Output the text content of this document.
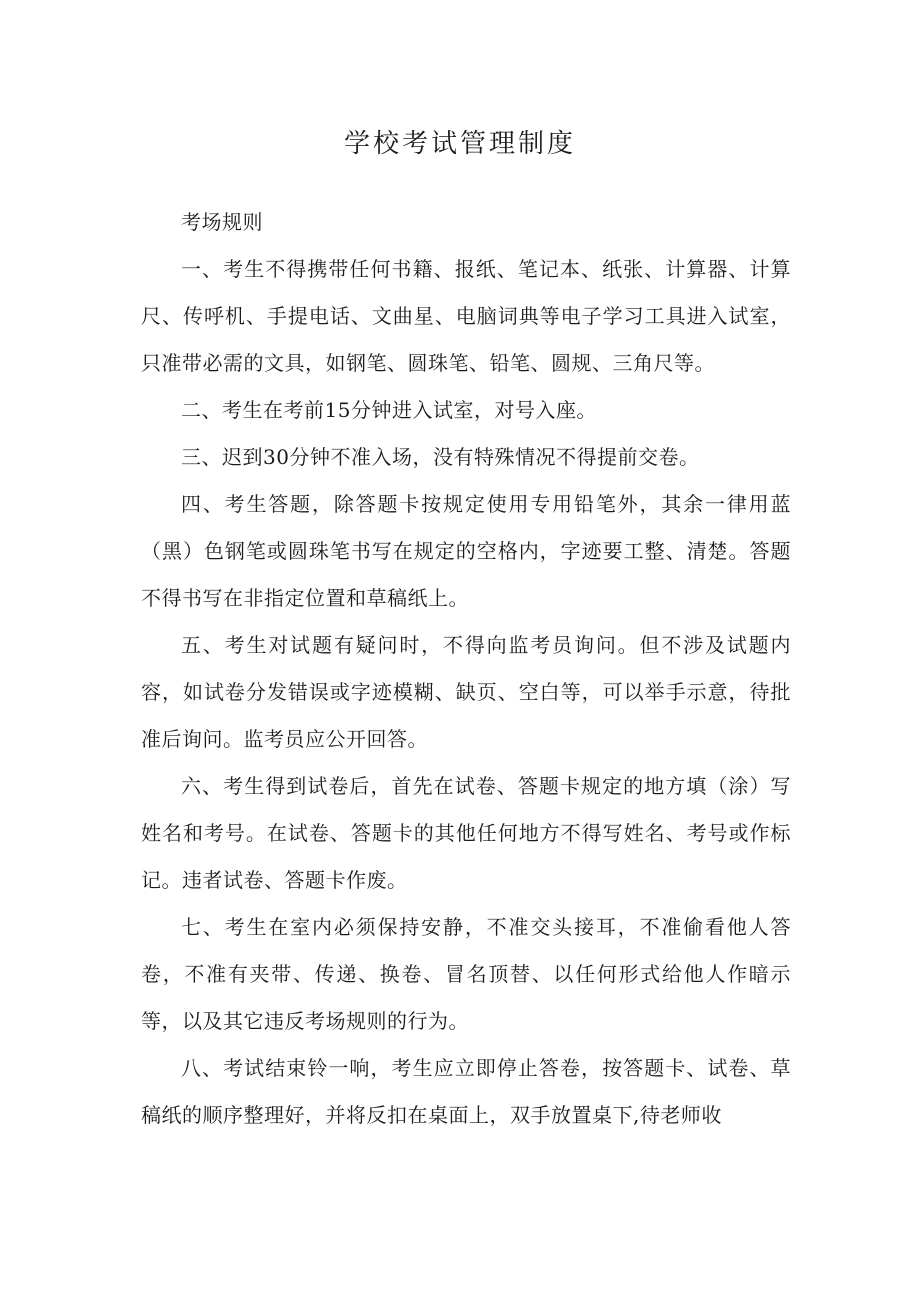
学校考试管理制度

考场规则

一、考生不得携带任何书籍、报纸、笔记本、纸张、计算器、计算尺、传呼机、手提电话、文曲星、电脑词典等电子学习工具进入试室，只准带必需的文具，如钢笔、圆珠笔、铅笔、圆规、三角尺等。

二、考生在考前15分钟进入试室，对号入座。

三、迟到30分钟不准入场，没有特殊情况不得提前交卷。

四、考生答题，除答题卡按规定使用专用铅笔外，其余一律用蓝（黑）色钢笔或圆珠笔书写在规定的空格内，字迹要工整、清楚。答题不得书写在非指定位置和草稿纸上。

五、考生对试题有疑问时，不得向监考员询问。但不涉及试题内容，如试卷分发错误或字迹模糊、缺页、空白等，可以举手示意，待批准后询问。监考员应公开回答。

六、考生得到试卷后，首先在试卷、答题卡规定的地方填（涂）写姓名和考号。在试卷、答题卡的其他任何地方不得写姓名、考号或作标记。违者试卷、答题卡作废。

七、考生在室内必须保持安静，不准交头接耳，不准偷看他人答卷，不准有夹带、传递、换卷、冒名顶替、以任何形式给他人作暗示等，以及其它违反考场规则的行为。

八、考试结束铃一响，考生应立即停止答卷，按答题卡、试卷、草稿纸的顺序整理好，并将反扣在桌面上，双手放置桌下,待老师收
